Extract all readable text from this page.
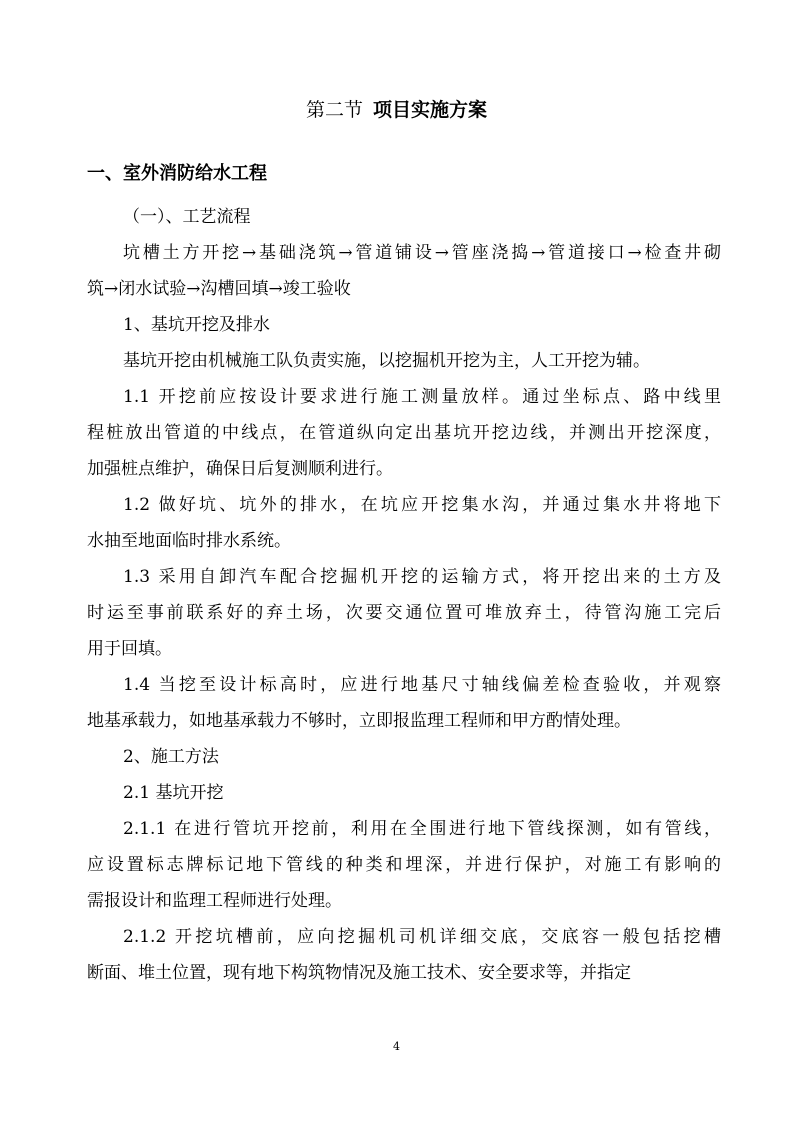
第二节 项目实施方案
一、室外消防给水工程
（一）、工艺流程
坑槽土方开挖→基础浇筑→管道铺设→管座浇捣→管道接口→检查井砌
筑→闭水试验→沟槽回填→竣工验收
1、基坑开挖及排水
基坑开挖由机械施工队负责实施，以挖掘机开挖为主，人工开挖为辅。
1.1 开挖前应按设计要求进行施工测量放样。通过坐标点、路中线里
程桩放出管道的中线点，在管道纵向定出基坑开挖边线，并测出开挖深度，
加强桩点维护，确保日后复测顺利进行。
1.2 做好坑、坑外的排水，在坑应开挖集水沟，并通过集水井将地下
水抽至地面临时排水系统。
1.3 采用自卸汽车配合挖掘机开挖的运输方式，将开挖出来的土方及
时运至事前联系好的弃土场，次要交通位置可堆放弃土，待管沟施工完后
用于回填。
1.4 当挖至设计标高时，应进行地基尺寸轴线偏差检查验收，并观察
地基承载力，如地基承载力不够时，立即报监理工程师和甲方酌情处理。
2、施工方法
2.1 基坑开挖
2.1.1 在进行管坑开挖前，利用在全围进行地下管线探测，如有管线，
应设置标志牌标记地下管线的种类和埋深，并进行保护，对施工有影响的
需报设计和监理工程师进行处理。
2.1.2 开挖坑槽前，应向挖掘机司机详细交底，交底容一般包括挖槽
断面、堆土位置，现有地下构筑物情况及施工技术、安全要求等，并指定
4
